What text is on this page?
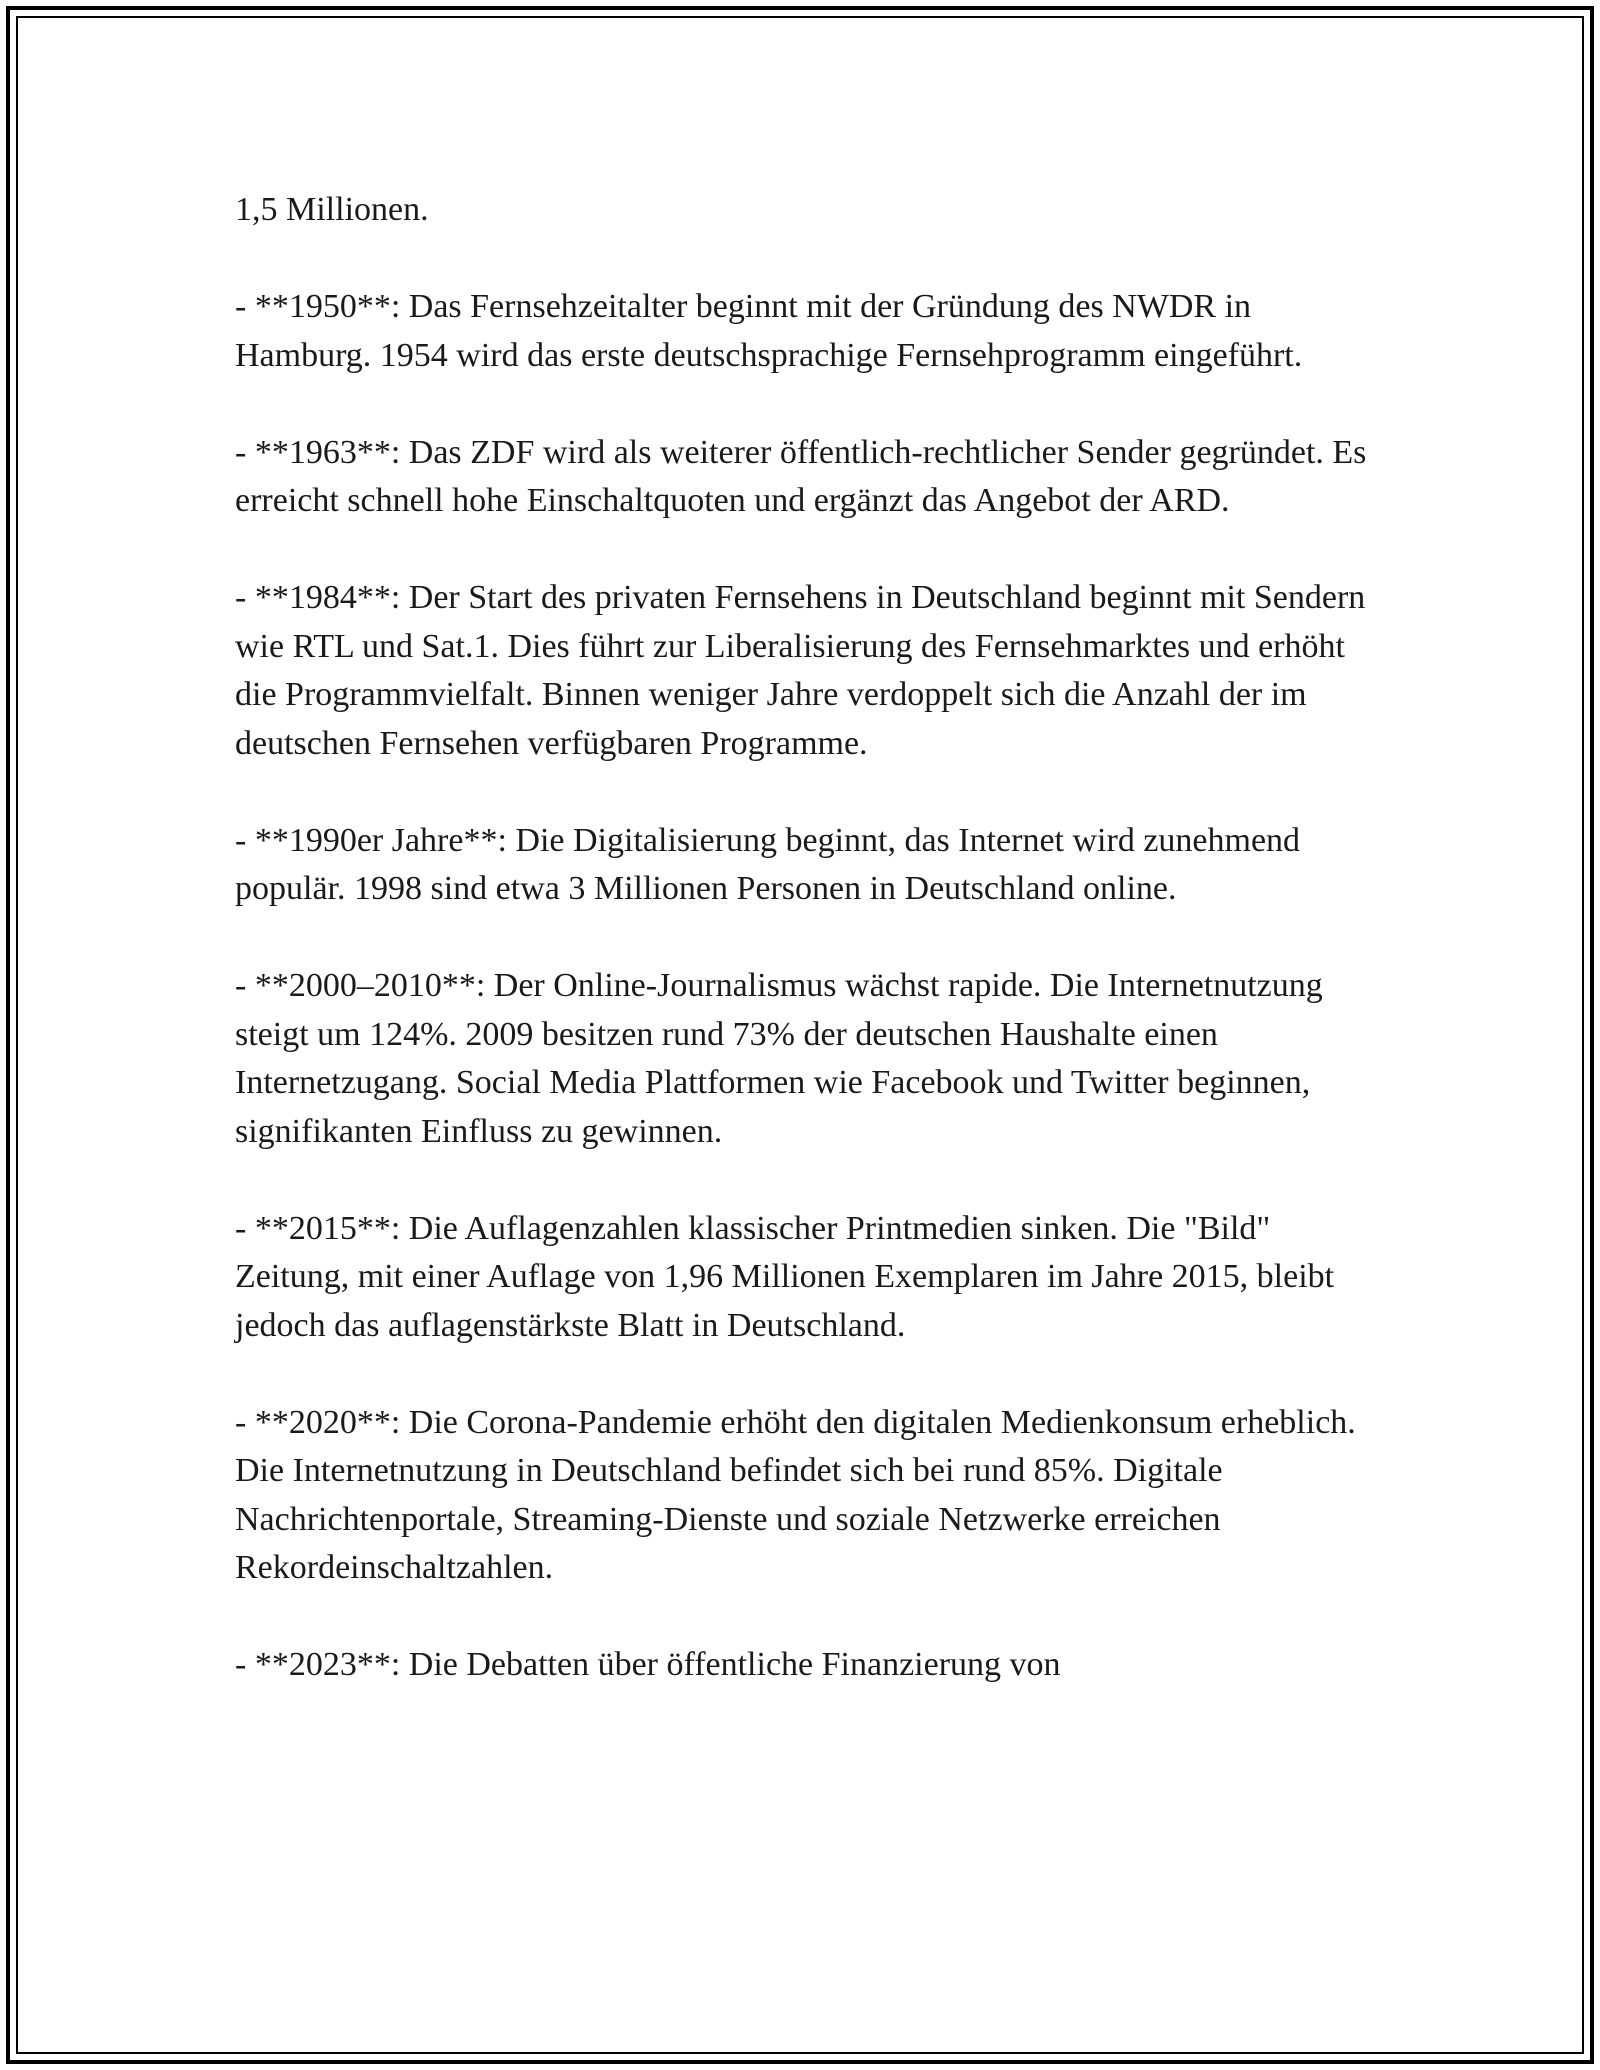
1,5 Millionen.

- **1950**: Das Fernsehzeitalter beginnt mit der Gründung des NWDR in Hamburg. 1954 wird das erste deutschsprachige Fernsehprogramm eingeführt.

- **1963**: Das ZDF wird als weiterer öffentlich-rechtlicher Sender gegründet. Es erreicht schnell hohe Einschaltquoten und ergänzt das Angebot der ARD.

- **1984**: Der Start des privaten Fernsehens in Deutschland beginnt mit Sendern wie RTL und Sat.1. Dies führt zur Liberalisierung des Fernsehmarktes und erhöht die Programmvielfalt. Binnen weniger Jahre verdoppelt sich die Anzahl der im deutschen Fernsehen verfügbaren Programme.

- **1990er Jahre**: Die Digitalisierung beginnt, das Internet wird zunehmend populär. 1998 sind etwa 3 Millionen Personen in Deutschland online.

- **2000–2010**: Der Online-Journalismus wächst rapide. Die Internetnutzung steigt um 124%. 2009 besitzen rund 73% der deutschen Haushalte einen Internetzugang. Social Media Plattformen wie Facebook und Twitter beginnen, signifikanten Einfluss zu gewinnen.

- **2015**: Die Auflagenzahlen klassischer Printmedien sinken. Die "Bild" Zeitung, mit einer Auflage von 1,96 Millionen Exemplaren im Jahre 2015, bleibt jedoch das auflagenstärkste Blatt in Deutschland.

- **2020**: Die Corona-Pandemie erhöht den digitalen Medienkonsum erheblich. Die Internetnutzung in Deutschland befindet sich bei rund 85%. Digitale Nachrichtenportale, Streaming-Dienste und soziale Netzwerke erreichen Rekordeinschaltzahlen.

- **2023**: Die Debatten über öffentliche Finanzierung von
